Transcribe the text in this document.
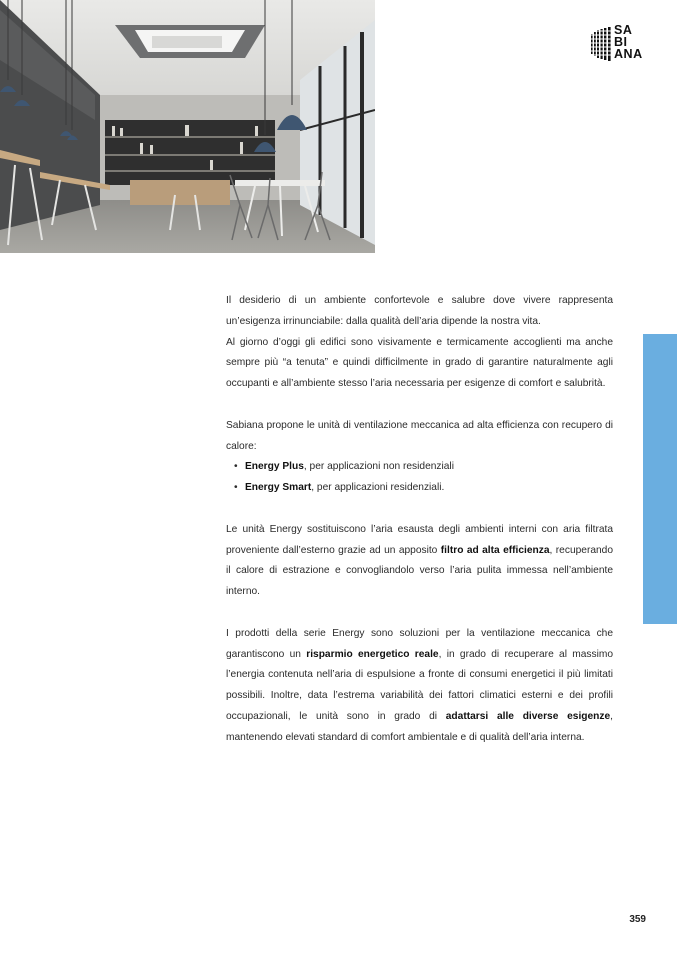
SA
BI
ANA

Il desiderio di un ambiente confortevole e salubre dove vivere rappresenta un’esigenza irrinunciabile: dalla qualità dell’aria dipende la nostra vita.

Al giorno d’oggi gli edifici sono visivamente e termicamente accoglienti ma anche sempre più “a tenuta” e quindi difficilmente in grado di garantire naturalmente agli occupanti e all’ambiente stesso l’aria necessaria per esigenze di comfort e salubrità.

Sabiana propone le unità di ventilazione meccanica ad alta efficienza con recupero di calore:

• Energy Plus, per applicazioni non residenziali
• Energy Smart, per applicazioni residenziali.

Le unità Energy sostituiscono l’aria esausta degli ambienti interni con aria filtrata proveniente dall’esterno grazie ad un apposito filtro ad alta efficienza, recuperando il calore di estrazione e convogliandolo verso l’aria pulita immessa nell’ambiente interno.

I prodotti della serie Energy sono soluzioni per la ventilazione meccanica che garantiscono un risparmio energetico reale, in grado di recuperare al massimo l’energia contenuta nell’aria di espulsione a fronte di consumi energetici il più limitati possibili. Inoltre, data l’estrema variabilità dei fattori climatici esterni e dei profili occupazionali, le unità sono in grado di adattarsi alle diverse esigenze, mantenendo elevati standard di comfort ambientale e di qualità dell’aria interna.

359
